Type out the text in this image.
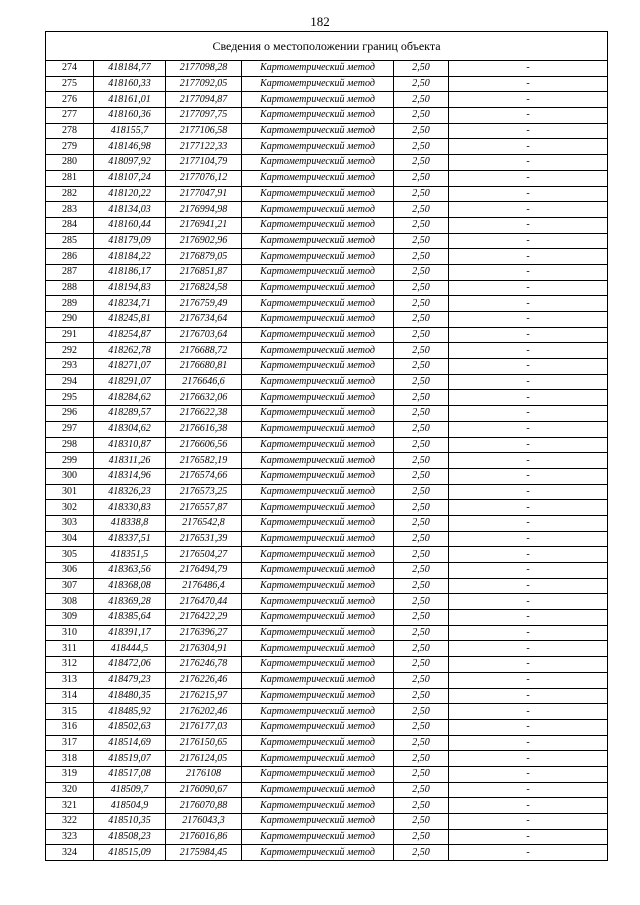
182
Сведения о местоположении границ объекта					
274	418184,77	2177098,28	Картометрический метод	2,50	-
275	418160,33	2177092,05	Картометрический метод	2,50	-
276	418161,01	2177094,87	Картометрический метод	2,50	-
277	418160,36	2177097,75	Картометрический метод	2,50	-
278	418155,7	2177106,58	Картометрический метод	2,50	-
279	418146,98	2177122,33	Картометрический метод	2,50	-
280	418097,92	2177104,79	Картометрический метод	2,50	-
281	418107,24	2177076,12	Картометрический метод	2,50	-
282	418120,22	2177047,91	Картометрический метод	2,50	-
283	418134,03	2176994,98	Картометрический метод	2,50	-
284	418160,44	2176941,21	Картометрический метод	2,50	-
285	418179,09	2176902,96	Картометрический метод	2,50	-
286	418184,22	2176879,05	Картометрический метод	2,50	-
287	418186,17	2176851,87	Картометрический метод	2,50	-
288	418194,83	2176824,58	Картометрический метод	2,50	-
289	418234,71	2176759,49	Картометрический метод	2,50	-
290	418245,81	2176734,64	Картометрический метод	2,50	-
291	418254,87	2176703,64	Картометрический метод	2,50	-
292	418262,78	2176688,72	Картометрический метод	2,50	-
293	418271,07	2176680,81	Картометрический метод	2,50	-
294	418291,07	2176646,6	Картометрический метод	2,50	-
295	418284,62	2176632,06	Картометрический метод	2,50	-
296	418289,57	2176622,38	Картометрический метод	2,50	-
297	418304,62	2176616,38	Картометрический метод	2,50	-
298	418310,87	2176606,56	Картометрический метод	2,50	-
299	418311,26	2176582,19	Картометрический метод	2,50	-
300	418314,96	2176574,66	Картометрический метод	2,50	-
301	418326,23	2176573,25	Картометрический метод	2,50	-
302	418330,83	2176557,87	Картометрический метод	2,50	-
303	418338,8	2176542,8	Картометрический метод	2,50	-
304	418337,51	2176531,39	Картометрический метод	2,50	-
305	418351,5	2176504,27	Картометрический метод	2,50	-
306	418363,56	2176494,79	Картометрический метод	2,50	-
307	418368,08	2176486,4	Картометрический метод	2,50	-
308	418369,28	2176470,44	Картометрический метод	2,50	-
309	418385,64	2176422,29	Картометрический метод	2,50	-
310	418391,17	2176396,27	Картометрический метод	2,50	-
311	418444,5	2176304,91	Картометрический метод	2,50	-
312	418472,06	2176246,78	Картометрический метод	2,50	-
313	418479,23	2176226,46	Картометрический метод	2,50	-
314	418480,35	2176215,97	Картометрический метод	2,50	-
315	418485,92	2176202,46	Картометрический метод	2,50	-
316	418502,63	2176177,03	Картометрический метод	2,50	-
317	418514,69	2176150,65	Картометрический метод	2,50	-
318	418519,07	2176124,05	Картометрический метод	2,50	-
319	418517,08	2176108	Картометрический метод	2,50	-
320	418509,7	2176090,67	Картометрический метод	2,50	-
321	418504,9	2176070,88	Картометрический метод	2,50	-
322	418510,35	2176043,3	Картометрический метод	2,50	-
323	418508,23	2176016,86	Картометрический метод	2,50	-
324	418515,09	2175984,45	Картометрический метод	2,50	-
